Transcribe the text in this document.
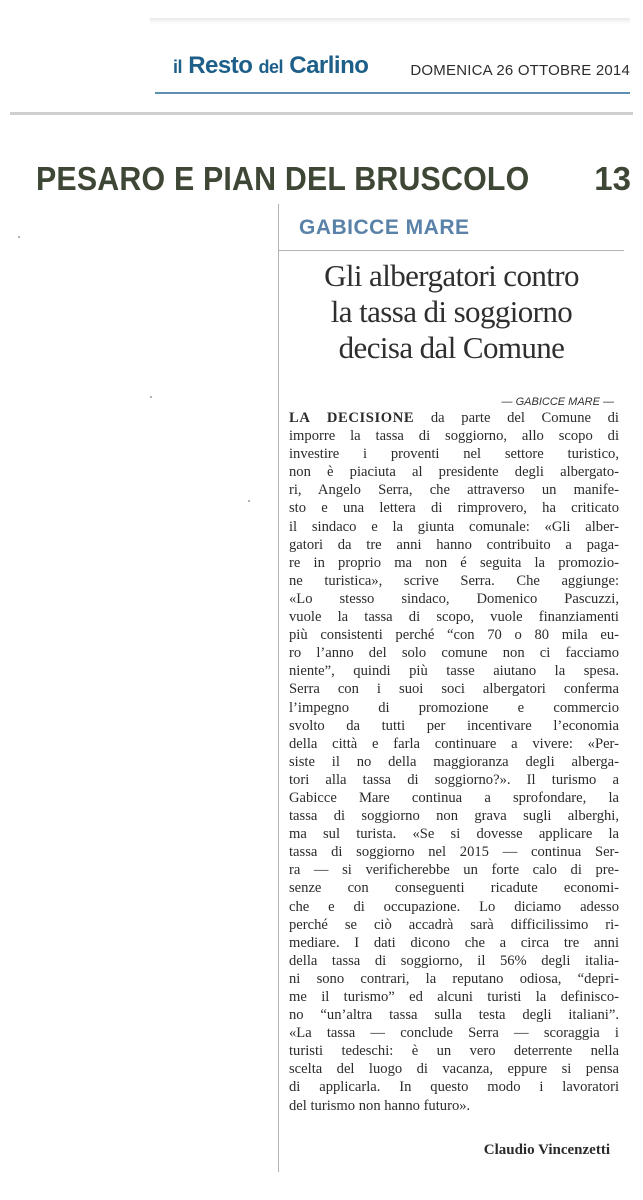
il Resto del Carlino	DOMENICA 26 OTTOBRE 2014
PESARO E PIAN DEL BRUSCOLO 13
GABICCE MARE
Gli albergatori contro
la tassa di soggiorno
decisa dal Comune
— GABICCE MARE —
LA DECISIONE da parte del Comune di
imporre la tassa di soggiorno, allo scopo di
investire i proventi nel settore turistico,
non è piaciuta al presidente degli albergato-
ri, Angelo Serra, che attraverso un manife-
sto e una lettera di rimprovero, ha criticato
il sindaco e la giunta comunale: «Gli alber-
gatori da tre anni hanno contribuito a paga-
re in proprio ma non é seguita la promozio-
ne turistica», scrive Serra. Che aggiunge:
«Lo stesso sindaco, Domenico Pascuzzi,
vuole la tassa di scopo, vuole finanziamenti
più consistenti perché “con 70 o 80 mila eu-
ro l’anno del solo comune non ci facciamo
niente”, quindi più tasse aiutano la spesa.
Serra con i suoi soci albergatori conferma
l’impegno di promozione e commercio
svolto da tutti per incentivare l’economia
della città e farla continuare a vivere: «Per-
siste il no della maggioranza degli alberga-
tori alla tassa di soggiorno?». Il turismo a
Gabicce Mare continua a sprofondare, la
tassa di soggiorno non grava sugli alberghi,
ma sul turista. «Se si dovesse applicare la
tassa di soggiorno nel 2015 — continua Ser-
ra — si verificherebbe un forte calo di pre-
senze con conseguenti ricadute economi-
che e di occupazione. Lo diciamo adesso
perché se ciò accadrà sarà difficilissimo ri-
mediare. I dati dicono che a circa tre anni
della tassa di soggiorno, il 56% degli italia-
ni sono contrari, la reputano odiosa, “depri-
me il turismo” ed alcuni turisti la definisco-
no “un’altra tassa sulla testa degli italiani”.
«La tassa — conclude Serra — scoraggia i
turisti tedeschi: è un vero deterrente nella
scelta del luogo di vacanza, eppure si pensa
di applicarla. In questo modo i lavoratori
del turismo non hanno futuro».
Claudio Vincenzetti
